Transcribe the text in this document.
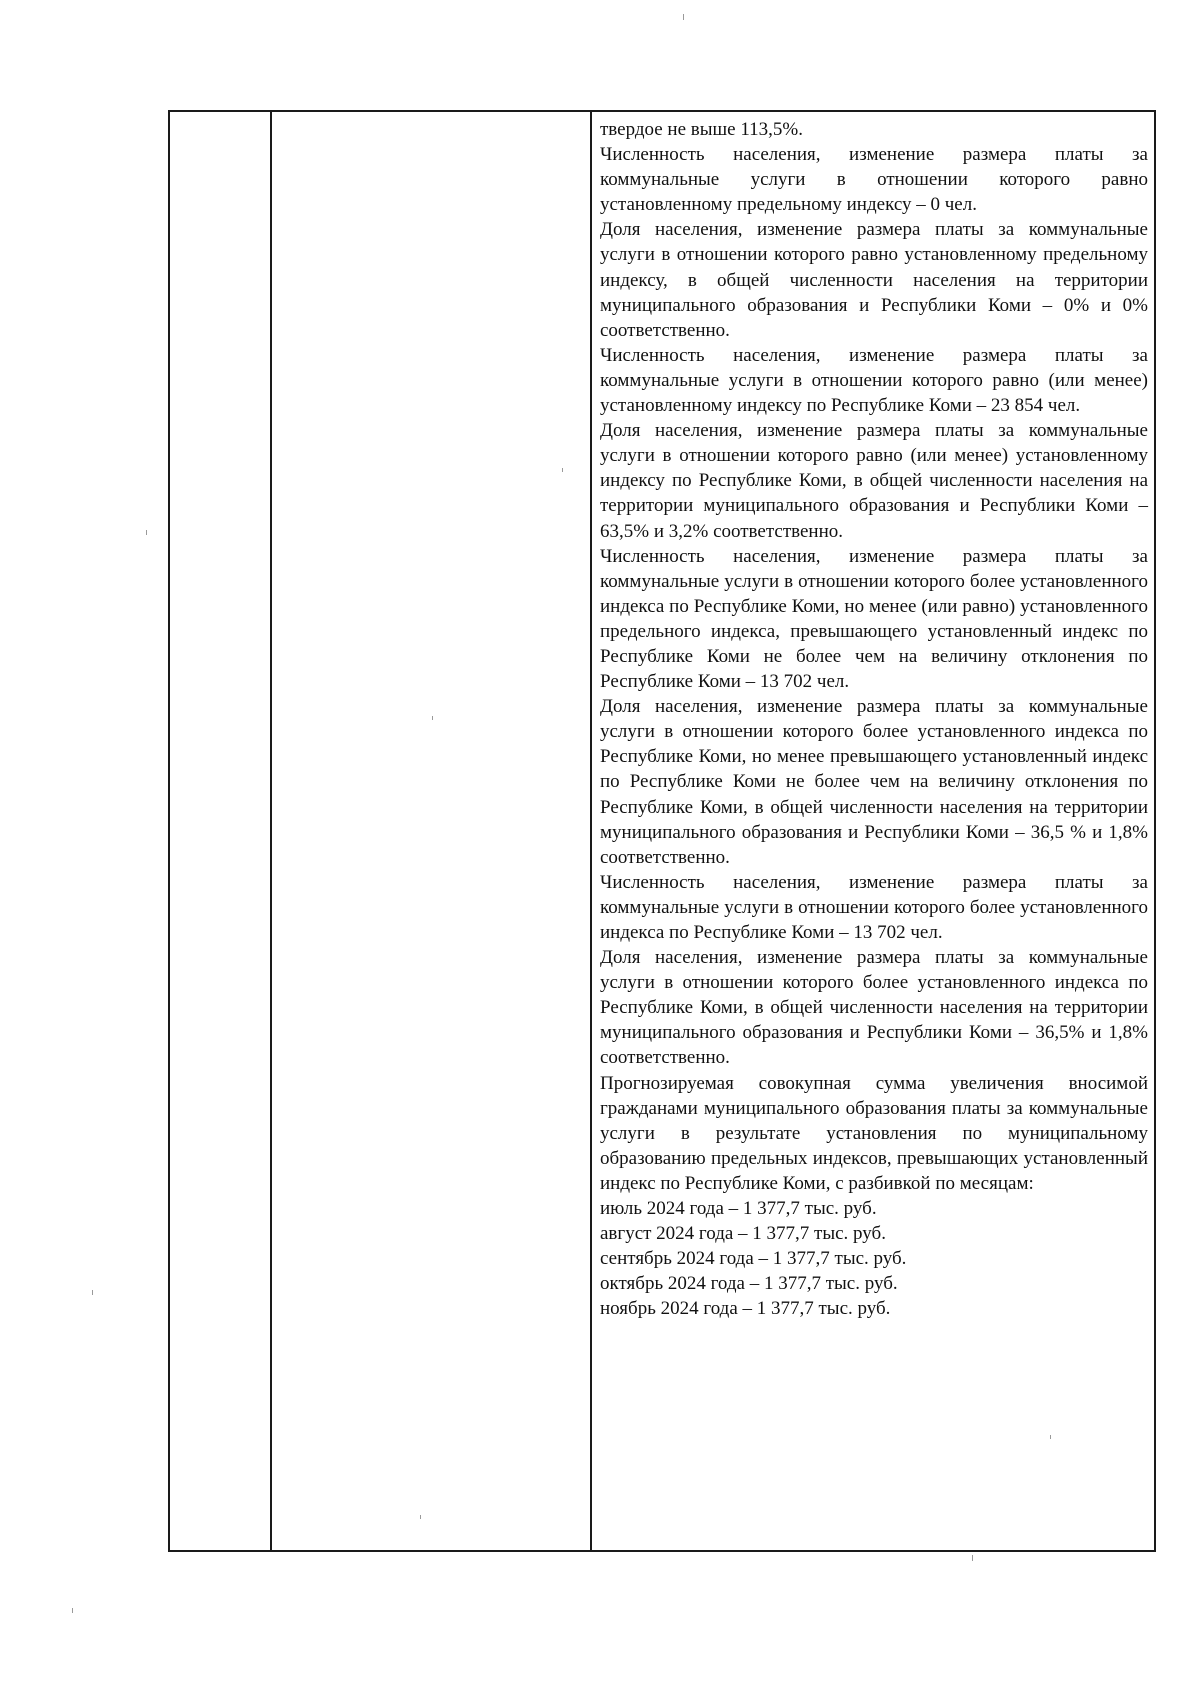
твердое не выше 113,5%.

Численность населения, изменение размера платы за коммунальные услуги в отношении которого равно установленному предельному индексу – 0 чел.

Доля населения, изменение размера платы за коммунальные услуги в отношении которого равно установленному предельному индексу, в общей численности населения на территории муниципального образования и Республики Коми – 0% и 0% соответственно.

Численность населения, изменение размера платы за коммунальные услуги в отношении которого равно (или менее) установленному индексу по Республике Коми – 23 854 чел.

Доля населения, изменение размера платы за коммунальные услуги в отношении которого равно (или менее) установленному индексу по Республике Коми, в общей численности населения на территории муниципального образования и Республики Коми – 63,5% и 3,2% соответственно.

Численность населения, изменение размера платы за коммунальные услуги в отношении которого более установленного индекса по Республике Коми, но менее (или равно) установленного предельного индекса, превышающего установленный индекс по Республике Коми не более чем на величину отклонения по Республике Коми – 13 702 чел.

Доля населения, изменение размера платы за коммунальные услуги в отношении которого более установленного индекса по Республике Коми, но менее превышающего установленный индекс по Республике Коми не более чем на величину отклонения по Республике Коми, в общей численности населения на территории муниципального образования и Республики Коми – 36,5 % и 1,8% соответственно.

Численность населения, изменение размера платы за коммунальные услуги в отношении которого более установленного индекса по Республике Коми – 13 702 чел.

Доля населения, изменение размера платы за коммунальные услуги в отношении которого более установленного индекса по Республике Коми, в общей численности населения на территории муниципального образования и Республики Коми – 36,5% и 1,8% соответственно.

Прогнозируемая совокупная сумма увеличения вносимой гражданами муниципального образования платы за коммунальные услуги в результате установления по муниципальному образованию предельных индексов, превышающих установленный индекс по Республике Коми, с разбивкой по месяцам:

июль 2024 года – 1 377,7 тыс. руб.

август 2024 года – 1 377,7 тыс. руб.

сентябрь 2024 года – 1 377,7 тыс. руб.

октябрь 2024 года – 1 377,7 тыс. руб.

ноябрь 2024 года – 1 377,7 тыс. руб.
